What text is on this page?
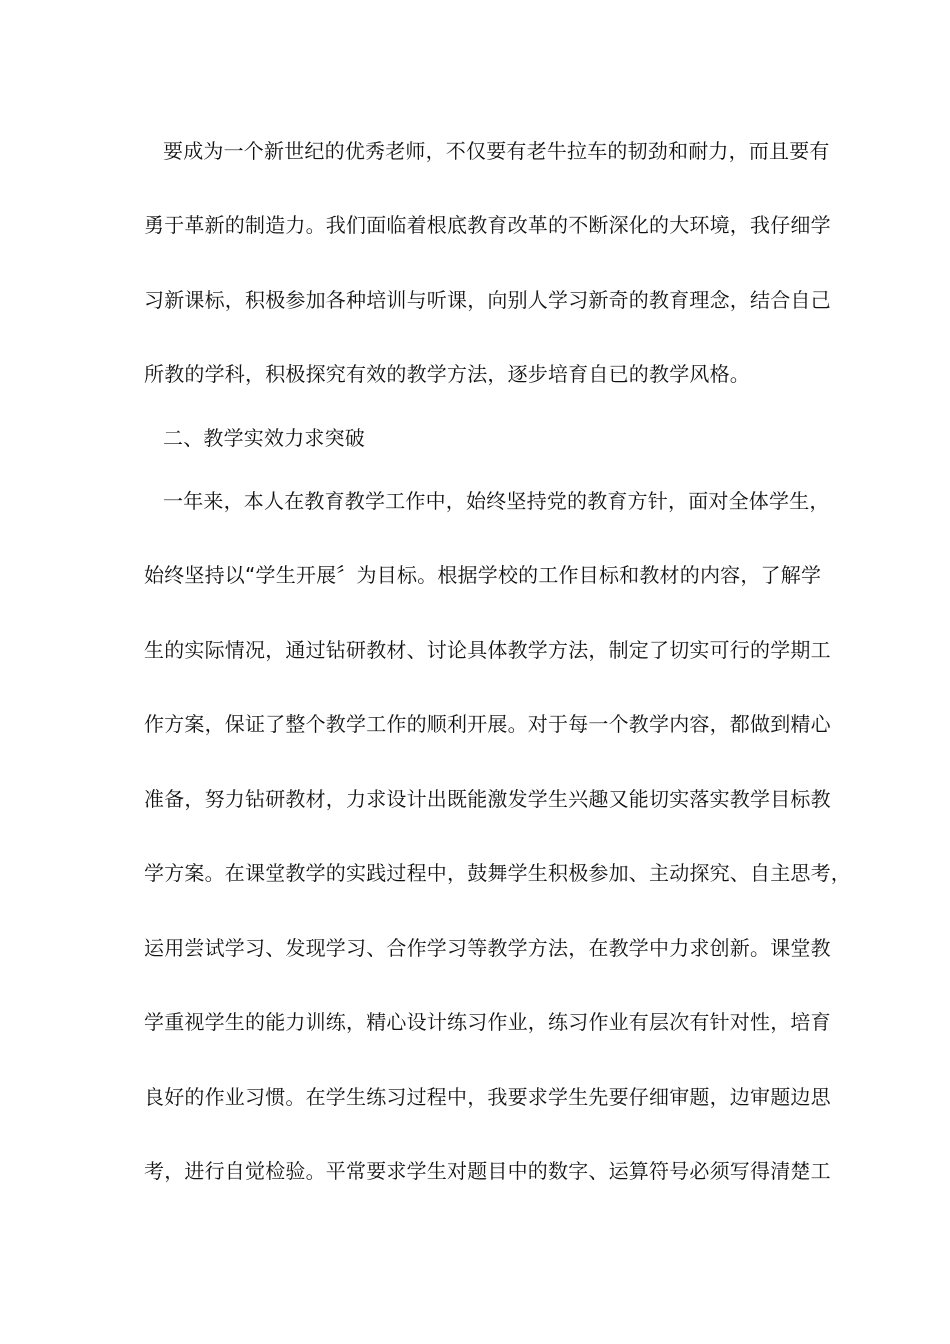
要成为一个新世纪的优秀老师，不仅要有老牛拉车的韧劲和耐力，而且要有
勇于革新的制造力。我们面临着根底教育改革的不断深化的大环境，我仔细学
习新课标，积极参加各种培训与听课，向别人学习新奇的教育理念，结合自己
所教的学科，积极探究有效的教学方法，逐步培育自已的教学风格。
二、教学实效力求突破
一年来，本人在教育教学工作中，始终坚持党的教育方针，面对全体学生，
始终坚持以“学生开展〞为目标。根据学校的工作目标和教材的内容，了解学
生的实际情况，通过钻研教材、讨论具体教学方法，制定了切实可行的学期工
作方案，保证了整个教学工作的顺利开展。对于每一个教学内容，都做到精心
准备，努力钻研教材，力求设计出既能激发学生兴趣又能切实落实教学目标教
学方案。在课堂教学的实践过程中，鼓舞学生积极参加、主动探究、自主思考，
运用尝试学习、发现学习、合作学习等教学方法，在教学中力求创新。课堂教
学重视学生的能力训练，精心设计练习作业，练习作业有层次有针对性，培育
良好的作业习惯。在学生练习过程中，我要求学生先要仔细审题，边审题边思
考，进行自觉检验。平常要求学生对题目中的数字、运算符号必须写得清楚工
